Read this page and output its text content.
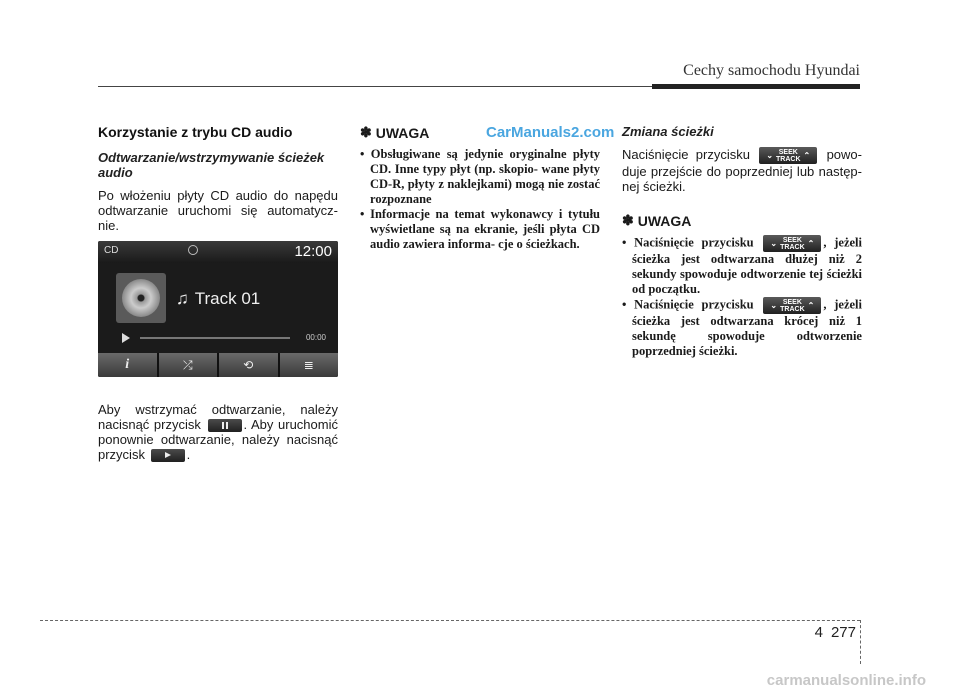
Cechy samochodu Hyundai
CarManuals2.com
Korzystanie z trybu CD audio
Odtwarzanie/wstrzymywanie ścieżek audio

Po włożeniu płyty CD audio do napędu odtwarzanie uruchomi się automatycz- nie.

CD	12:00
♫ Track 01
00:00
i	⤮	⟲	≣

Aby wstrzymać odtwarzanie, należy nacisnąć przycisk	. Aby uruchomić ponownie odtwarzanie, należy nacisnąć przycisk	.

✽ UWAGA

• Obsługiwane są jedynie oryginalne płyty CD. Inne typy płyt (np. skopio- wane płyty CD-R, płyty z naklejkami) mogą nie zostać rozpoznane

• Informacje na temat wykonawcy i tytułu wyświetlane są na ekranie, jeśli płyta CD audio zawiera informa- cje o ścieżkach.

Zmiana ścieżki

Naciśnięcie przycisku ⌄ SEEK
TRACK ⌃ powo- duje przejście do poprzedniej lub następ- nej ścieżki.

✽ UWAGA

• Naciśnięcie przycisku ⌄ SEEK
TRACK ⌃ , jeżeli ścieżka jest odtwarzana dłużej niż 2 sekundy spowoduje odtworzenie tej ścieżki od początku.

• Naciśnięcie przycisku ⌄ SEEK
TRACK ⌃ , jeżeli ścieżka jest odtwarzana krócej niż 1 sekundę spowoduje odtworzenie poprzedniej ścieżki.

4 277
carmanualsonline.info
